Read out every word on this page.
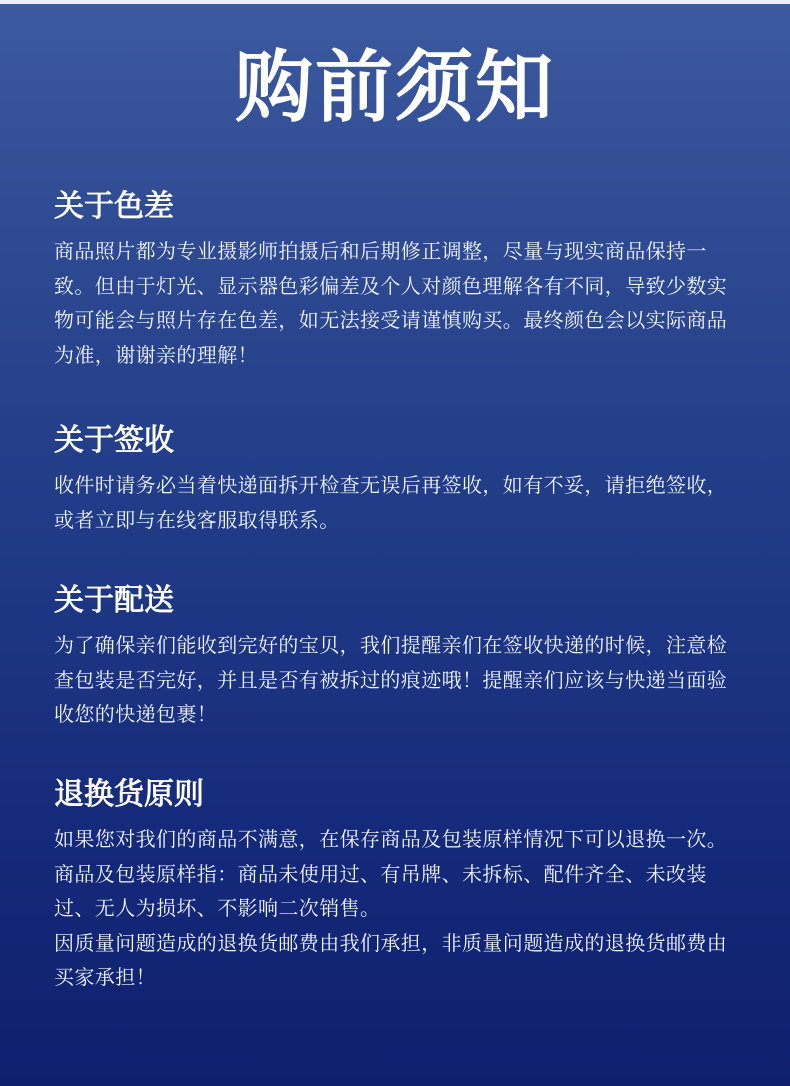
购前须知
关于色差

商品照片都为专业摄影师拍摄后和后期修正调整，尽量与现实商品保持一致。但由于灯光、显示器色彩偏差及个人对颜色理解各有不同，导致少数实物可能会与照片存在色差，如无法接受请谨慎购买。最终颜色会以实际商品为准，谢谢亲的理解！

关于签收

收件时请务必当着快递面拆开检查无误后再签收，如有不妥，请拒绝签收，或者立即与在线客服取得联系。

关于配送

为了确保亲们能收到完好的宝贝，我们提醒亲们在签收快递的时候，注意检查包装是否完好，并且是否有被拆过的痕迹哦！提醒亲们应该与快递当面验收您的快递包裹！

退换货原则

如果您对我们的商品不满意，在保存商品及包装原样情况下可以退换一次。商品及包装原样指：商品未使用过、有吊牌、未拆标、配件齐全、未改装过、无人为损坏、不影响二次销售。

因质量问题造成的退换货邮费由我们承担，非质量问题造成的退换货邮费由买家承担！
